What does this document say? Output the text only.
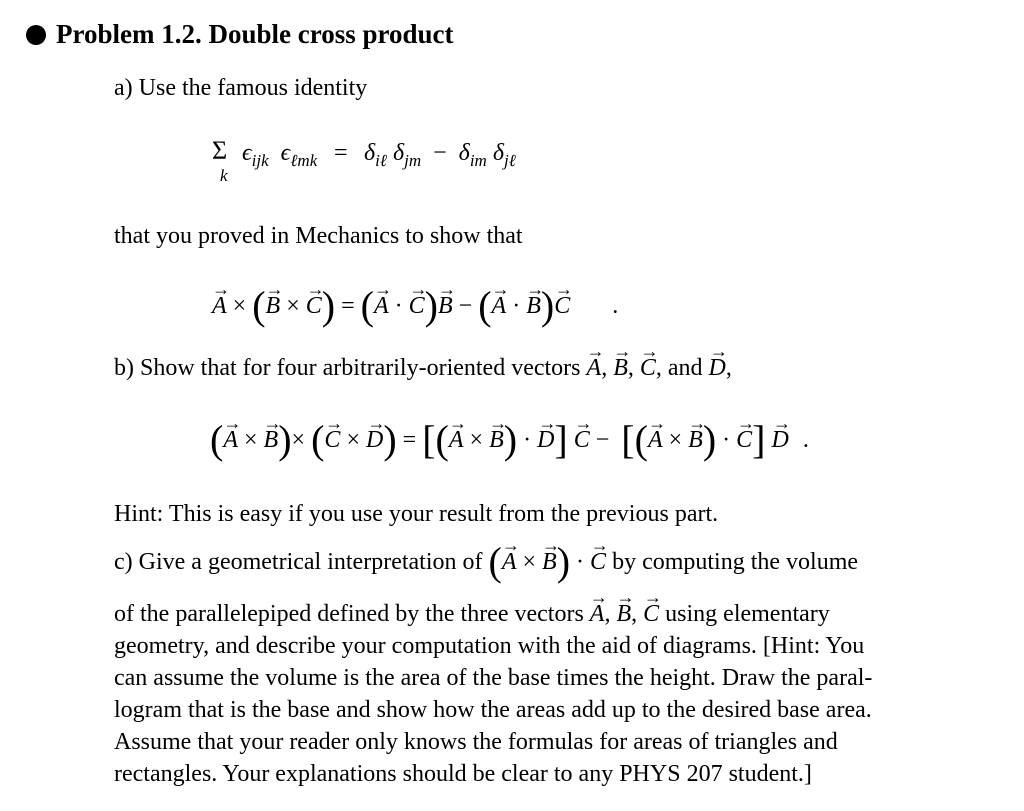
Problem 1.2. Double cross product
a) Use the famous identity
Σ
k
$\epsilon_{ijk}$  $\epsilon_{\ell mk} = \delta_{i\ell}$ $\delta_{jm} - \delta_{im}$ $\delta_{j\ell}$
that you proved in Mechanics to show that
→ A × (→ B × → C) = (→ A · → C)→ B − (→ A · → B)→ C .
b) Show that for four arbitrarily-oriented vectors → A, → B, → C, and → D,
(→ A × → B)× (→ C × → D) = [(→ A × → B) · → D] → C −  [(→ A × → B) · → C] → D .
Hint: This is easy if you use your result from the previous part.
c) Give a geometrical interpretation of (→ A × → B) · → C by computing the volume
of the parallelepiped defined by the three vectors → A, → B, → C using elementary
geometry, and describe your computation with the aid of diagrams. [Hint: You
can assume the volume is the area of the base times the height. Draw the paral-
logram that is the base and show how the areas add up to the desired base area.
Assume that your reader only knows the formulas for areas of triangles and
rectangles. Your explanations should be clear to any PHYS 207 student.]
